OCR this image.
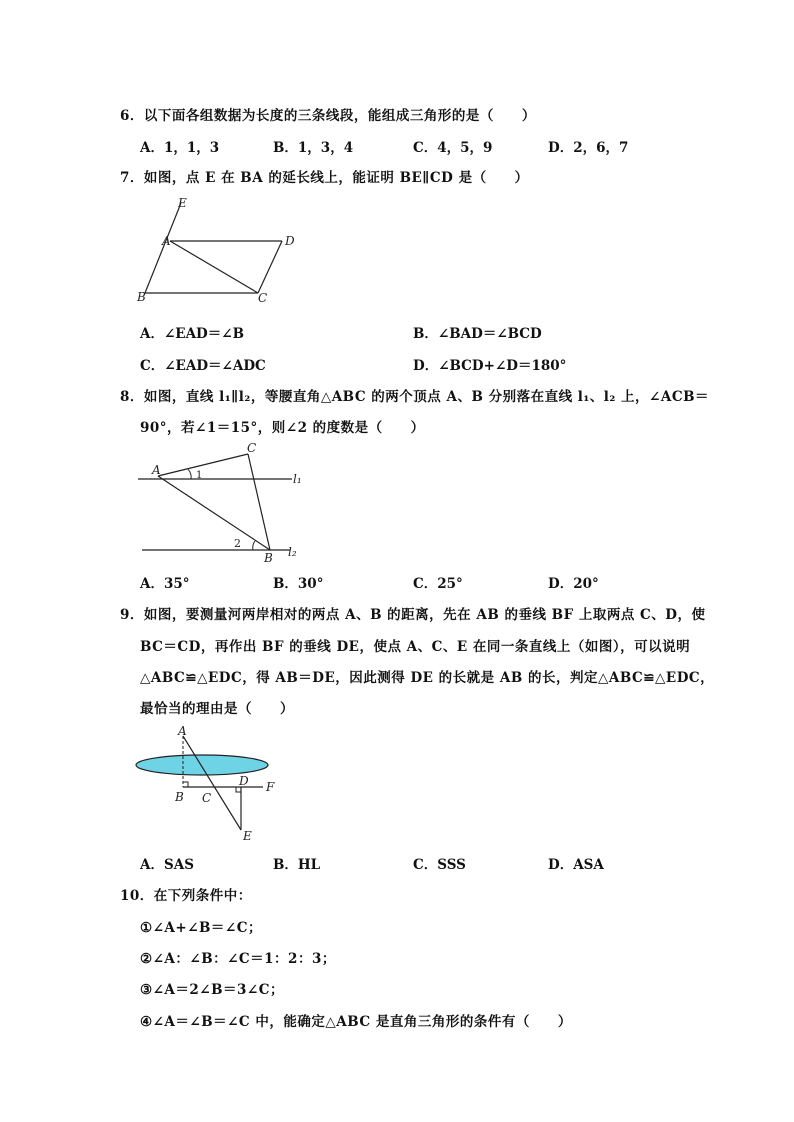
6．以下面各组数据为长度的三条线段，能组成三角形的是（　　）
A．1，1，3	B．1，3，4	C．4，5，9	D．2，6，7
7．如图，点 E 在 BA 的延长线上，能证明 BE∥CD 是（　　）
E
A	D
B	C
A．∠EAD＝∠B	B．∠BAD＝∠BCD
C．∠EAD＝∠ADC	D．∠BCD+∠D＝180°
8．如图，直线 l₁∥l₂，等腰直角△ABC 的两个顶点 A、B 分别落在直线 l₁、l₂ 上，∠ACB＝
90°，若∠1＝15°，则∠2 的度数是（　　）
A
C
B
1
2
l₁
l₂
A．35°	B．30°	C．25°	D．20°
9．如图，要测量河两岸相对的两点 A、B 的距离，先在 AB 的垂线 BF 上取两点 C、D，使
BC＝CD，再作出 BF 的垂线 DE，使点 A、C、E 在同一条直线上（如图），可以说明
△ABC≌△EDC，得 AB＝DE，因此测得 DE 的长就是 AB 的长，判定△ABC≌△EDC，
最恰当的理由是（　　）
A
B C
D
E
F
A．SAS	B．HL	C．SSS	D．ASA
10．在下列条件中：
①∠A+∠B＝∠C；
②∠A：∠B：∠C＝1：2：3；
③∠A＝2∠B＝3∠C；
④∠A＝∠B＝∠C 中，能确定△ABC 是直角三角形的条件有（　　）
